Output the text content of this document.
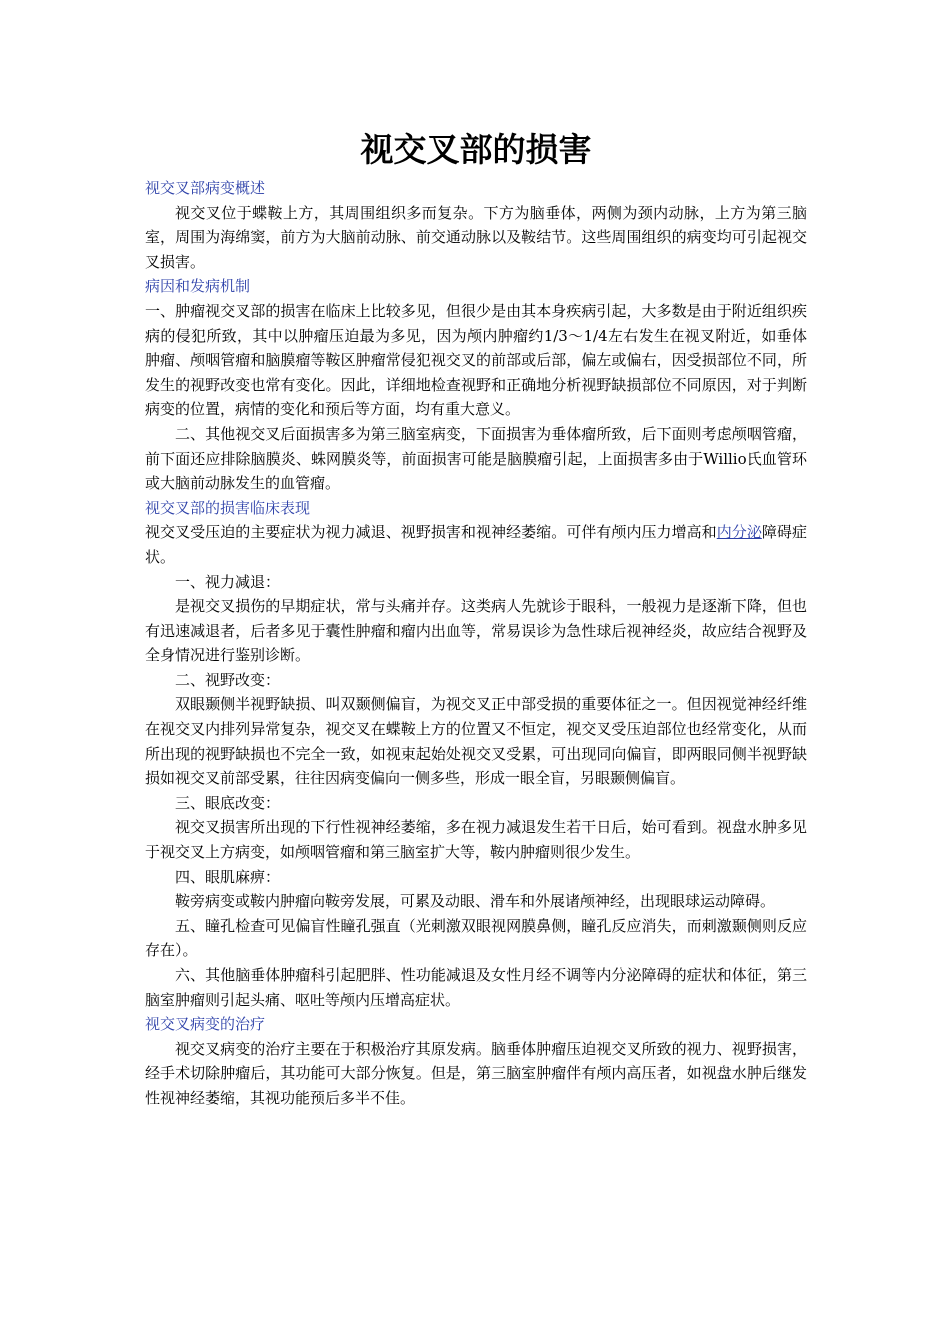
视交叉部的损害

视交叉部病变概述

视交叉位于蝶鞍上方，其周围组织多而复杂。下方为脑垂体，两侧为颈内动脉，上方为第三脑室，周围为海绵窦，前方为大脑前动脉、前交通动脉以及鞍结节。这些周围组织的病变均可引起视交叉损害。

病因和发病机制

一、肿瘤视交叉部的损害在临床上比较多见，但很少是由其本身疾病引起，大多数是由于附近组织疾病的侵犯所致，其中以肿瘤压迫最为多见，因为颅内肿瘤约1/3～1/4左右发生在视叉附近，如垂体肿瘤、颅咽管瘤和脑膜瘤等鞍区肿瘤常侵犯视交叉的前部或后部，偏左或偏右，因受损部位不同，所发生的视野改变也常有变化。因此，详细地检查视野和正确地分析视野缺损部位不同原因，对于判断病变的位置，病情的变化和预后等方面，均有重大意义。

二、其他视交叉后面损害多为第三脑室病变，下面损害为垂体瘤所致，后下面则考虑颅咽管瘤，前下面还应排除脑膜炎、蛛网膜炎等，前面损害可能是脑膜瘤引起，上面损害多由于Willio氏血管环或大脑前动脉发生的血管瘤。

视交叉部的损害临床表现

视交叉受压迫的主要症状为视力减退、视野损害和视神经萎缩。可伴有颅内压力增高和内分泌障碍症状。

一、视力减退：

是视交叉损伤的早期症状，常与头痛并存。这类病人先就诊于眼科，一般视力是逐渐下降，但也有迅速减退者，后者多见于囊性肿瘤和瘤内出血等，常易误诊为急性球后视神经炎，故应结合视野及全身情况进行鉴别诊断。

二、视野改变：

双眼颞侧半视野缺损、叫双颞侧偏盲，为视交叉正中部受损的重要体征之一。但因视觉神经纤维在视交叉内排列异常复杂，视交叉在蝶鞍上方的位置又不恒定，视交叉受压迫部位也经常变化，从而所出现的视野缺损也不完全一致，如视束起始处视交叉受累，可出现同向偏盲，即两眼同侧半视野缺损如视交叉前部受累，往往因病变偏向一侧多些，形成一眼全盲，另眼颞侧偏盲。

三、眼底改变：

视交叉损害所出现的下行性视神经萎缩，多在视力减退发生若干日后，始可看到。视盘水肿多见于视交叉上方病变，如颅咽管瘤和第三脑室扩大等，鞍内肿瘤则很少发生。

四、眼肌麻痹：

鞍旁病变或鞍内肿瘤向鞍旁发展，可累及动眼、滑车和外展诸颅神经，出现眼球运动障碍。

五、瞳孔检查可见偏盲性瞳孔强直（光刺激双眼视网膜鼻侧，瞳孔反应消失，而刺激颞侧则反应存在）。

六、其他脑垂体肿瘤科引起肥胖、性功能减退及女性月经不调等内分泌障碍的症状和体征，第三脑室肿瘤则引起头痛、呕吐等颅内压增高症状。

视交叉病变的治疗

视交叉病变的治疗主要在于积极治疗其原发病。脑垂体肿瘤压迫视交叉所致的视力、视野损害，经手术切除肿瘤后，其功能可大部分恢复。但是，第三脑室肿瘤伴有颅内高压者，如视盘水肿后继发性视神经萎缩，其视功能预后多半不佳。
